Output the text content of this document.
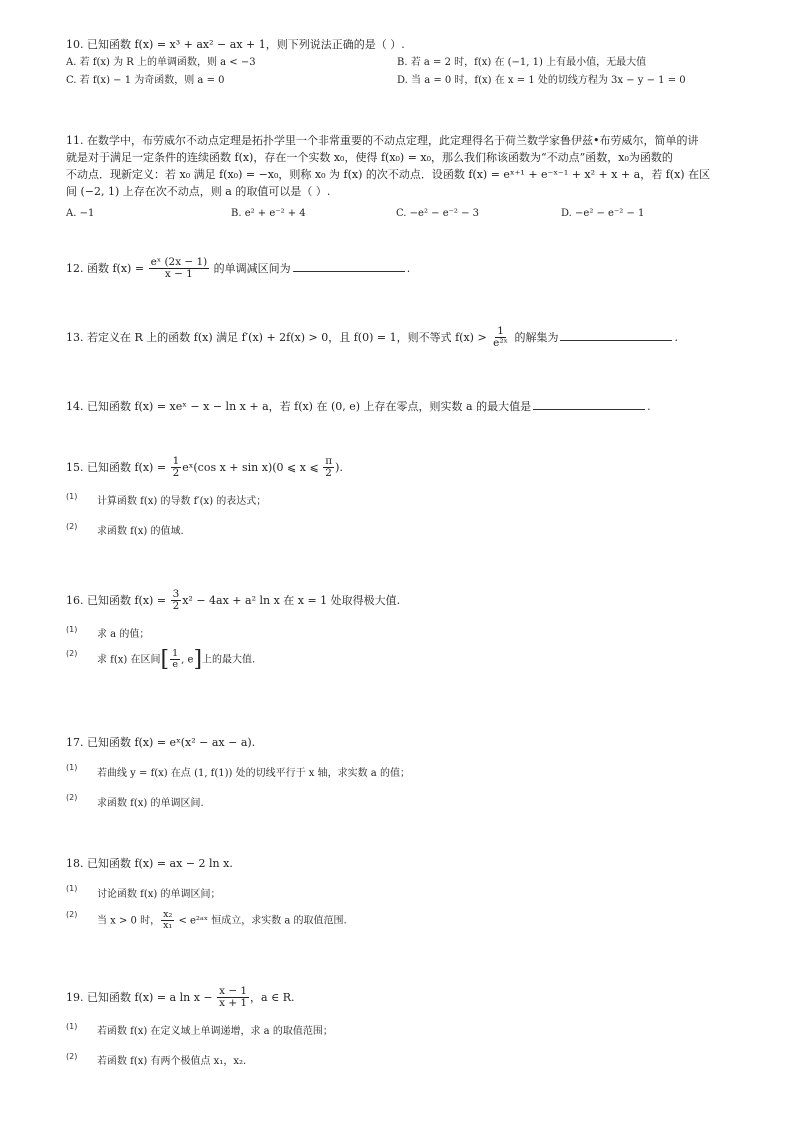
10. 已知函数 f(x) = x³ + ax² − ax + 1，则下列说法正确的是（ ）.

A. 若 f(x) 为 R 上的单调函数，则 a < −3	B. 若 a = 2 时，f(x) 在 (−1, 1) 上有最小值，无最大值
C. 若 f(x) − 1 为奇函数，则 a = 0	D. 当 a = 0 时，f(x) 在 x = 1 处的切线方程为 3x − y − 1 = 0

11. 在数学中，布劳威尔不动点定理是拓扑学里一个非常重要的不动点定理，此定理得名于荷兰数学家鲁伊兹•布劳威尔，简单的讲

就是对于满足一定条件的连续函数 f(x)，存在一个实数 x₀，使得 f(x₀) = x₀，那么我们称该函数为“不动点”函数，x₀为函数的

不动点．现新定义：若 x₀ 满足 f(x₀) = −x₀，则称 x₀ 为 f(x) 的次不动点．设函数 f(x) = eˣ⁺¹ + e⁻ˣ⁻¹ + x² + x + a，若 f(x) 在区

间 (−2, 1) 上存在次不动点，则 a 的取值可以是（ ）.

A. −1	B. e² + e⁻² + 4	C. −e² − e⁻² − 3	D. −e² − e⁻² − 1

12. 函数 $f(x) = \frac{\text{eˣ (2x − 1)}}{x - 1}$ 的单调减区间为	.

13. 若定义在 R 上的函数 f(x) 满足 f′(x) + 2f(x) > 0，且 f(0) = 1，则不等式 $f(x) > \frac{1}{\text{e²ˣ}}$ 的解集为	.

14. 已知函数 f(x) = xeˣ − x − ln x + a，若 f(x) 在 (0, e) 上存在零点，则实数 a 的最大值是	.

15. 已知函数 $f(x) = \frac{1}{2}$ eˣ(cos x + sin x)(0 ⩽ x ⩽ $\frac{\pi}{2}$ ).

(1)	计算函数 f(x) 的导数 f′(x) 的表达式；
(2)	求函数 f(x) 的值域.

16. 已知函数 $f(x) = \frac{3}{2} x^2 - 4ax + a^2$ ln x 在 x = 1 处取得极大值.

(1)	求 a 的值；
(2)
求 f(x) 在区间[ $\frac{1}{e}$ , e]上的最大值.

17. 已知函数 f(x) = eˣ(x² − ax − a).

(1)	若曲线 y = f(x) 在点 (1, f(1)) 处的切线平行于 x 轴，求实数 a 的值；
(2)	求函数 f(x) 的单调区间.

18. 已知函数 f(x) = ax − 2 ln x.

(1)	讨论函数 f(x) 的单调区间；
(2)
当 x > 0 时， $\frac{\text{x₂}}{\text{x₁}}$ < e²ᵃˣ 恒成立，求实数 a 的取值范围.

19. 已知函数 f(x) = a $\ln x - \frac{x - 1}{x + 1}$ ，a ∈ R.

(1)	若函数 f(x) 在定义域上单调递增，求 a 的取值范围；
(2)	若函数 f(x) 有两个极值点 x₁，x₂.
